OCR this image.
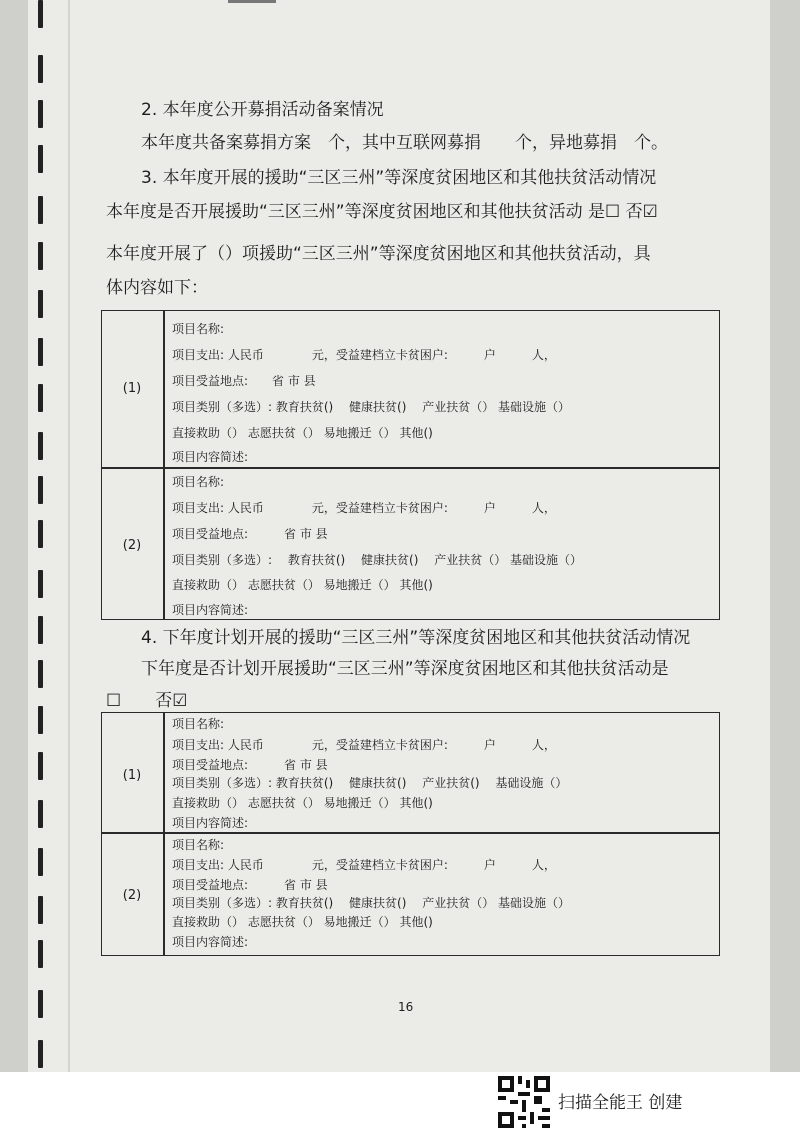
2. 本年度公开募捐活动备案情况
本年度共备案募捐方案　个，其中互联网募捐　　个，异地募捐　个。
3. 本年度开展的援助“三区三州”等深度贫困地区和其他扶贫活动情况
本年度是否开展援助“三区三州”等深度贫困地区和其他扶贫活动 是☐ 否☑
本年度开展了（）项援助“三区三州”等深度贫困地区和其他扶贫活动，具
体内容如下：
(1)
项目名称:
项目支出: 人民币　　　　元，受益建档立卡贫困户:　　　户　　　人，
项目受益地点:　　省 市 县
项目类别（多选）: 教育扶贫()　 健康扶贫()　 产业扶贫（） 基础设施（）
直接救助（） 志愿扶贫（） 易地搬迁（） 其他()
项目内容简述:
(2)
项目名称:
项目支出: 人民币　　　　元，受益建档立卡贫困户:　　　户　　　人，
项目受益地点:　　　省 市 县
项目类别（多选）: 　教育扶贫()　 健康扶贫()　 产业扶贫（） 基础设施（）
直接救助（） 志愿扶贫（） 易地搬迁（） 其他()
项目内容简述:
4. 下年度计划开展的援助“三区三州”等深度贫困地区和其他扶贫活动情况
下年度是否计划开展援助“三区三州”等深度贫困地区和其他扶贫活动是
☐　　否☑
(1)
项目名称:
项目支出: 人民币　　　　元，受益建档立卡贫困户:　　　户　　　人，
项目受益地点:　　　省 市 县
项目类别（多选）: 教育扶贫()　 健康扶贫()　 产业扶贫()　 基础设施（）
直接救助（） 志愿扶贫（） 易地搬迁（） 其他()
项目内容简述:
(2)
项目名称:
项目支出: 人民币　　　　元，受益建档立卡贫困户:　　　户　　　人，
项目受益地点:　　　省 市 县
项目类别（多选）: 教育扶贫()　 健康扶贫()　 产业扶贫（） 基础设施（）
直接救助（） 志愿扶贫（） 易地搬迁（） 其他()
项目内容简述:
16
扫描全能王 创建
